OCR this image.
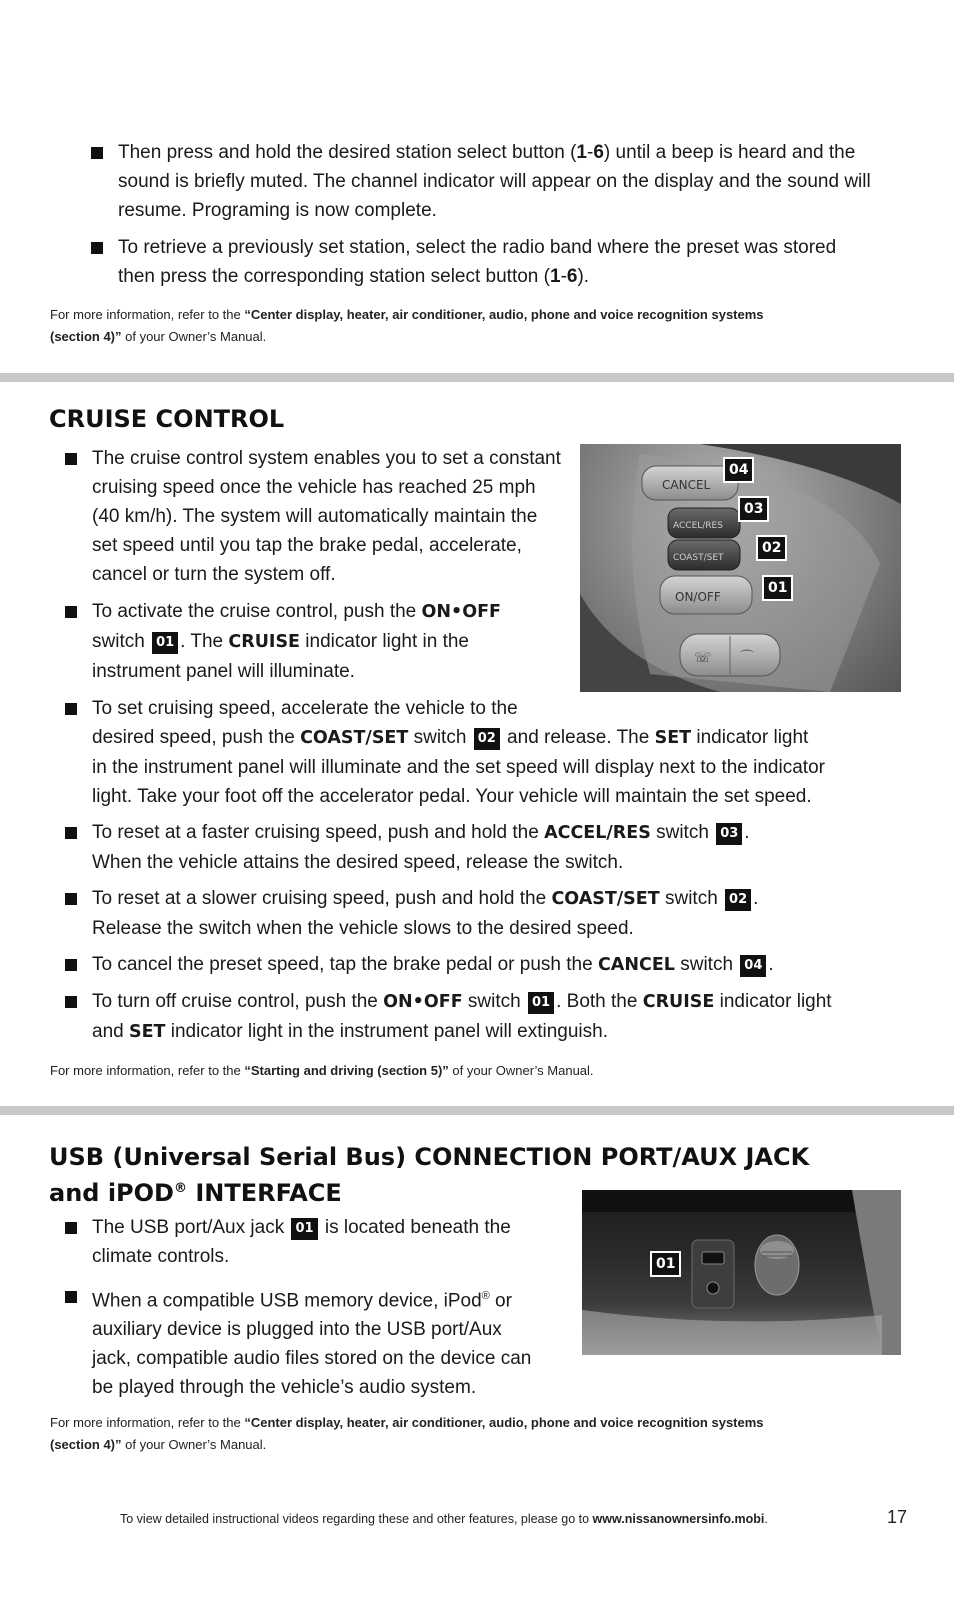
Then press and hold the desired station select button (1-6) until a beep is heard and the
sound is briefly muted. The channel indicator will appear on the display and the sound will
resume. Programing is now complete.
To retrieve a previously set station, select the radio band where the preset was stored
then press the corresponding station select button (1-6).
For more information, refer to the “Center display, heater, air conditioner, audio, phone and voice recognition systems
(section 4)” of your Owner’s Manual.
CRUISE CONTROL
The cruise control system enables you to set a constant
cruising speed once the vehicle has reached 25 mph
(40 km/h). The system will automatically maintain the
set speed until you tap the brake pedal, accelerate,
cancel or turn the system off.
To activate the cruise control, push the ON•OFF
switch 01 . The CRUISE indicator light in the
instrument panel will illuminate.
CANCEL
ACCEL/RES
COAST/SET
ON/OFF
☏ ⌒
04
03
02
01
To set cruising speed, accelerate the vehicle to the
desired speed, push the COAST/SET switch 02 and release. The SET indicator light
in the instrument panel will illuminate and the set speed will display next to the indicator
light. Take your foot off the accelerator pedal. Your vehicle will maintain the set speed.
To reset at a faster cruising speed, push and hold the ACCEL/RES switch 03 .
When the vehicle attains the desired speed, release the switch.
To reset at a slower cruising speed, push and hold the COAST/SET switch 02 .
Release the switch when the vehicle slows to the desired speed.
To cancel the preset speed, tap the brake pedal or push the CANCEL switch 04 .
To turn off cruise control, push the ON•OFF switch 01 . Both the CRUISE indicator light
and SET indicator light in the instrument panel will extinguish.
For more information, refer to the “Starting and driving (section 5)” of your Owner’s Manual.
USB (Universal Serial Bus) CONNECTION PORT/AUX JACK
and iPOD® INTERFACE
The USB port/Aux jack 01 is located beneath the
climate controls.
When a compatible USB memory device, iPod® or
auxiliary device is plugged into the USB port/Aux
jack, compatible audio files stored on the device can
be played through the vehicle’s audio system.
01
For more information, refer to the “Center display, heater, air conditioner, audio, phone and voice recognition systems
(section 4)” of your Owner’s Manual.
To view detailed instructional videos regarding these and other features, please go to www.nissanownersinfo.mobi.	17
